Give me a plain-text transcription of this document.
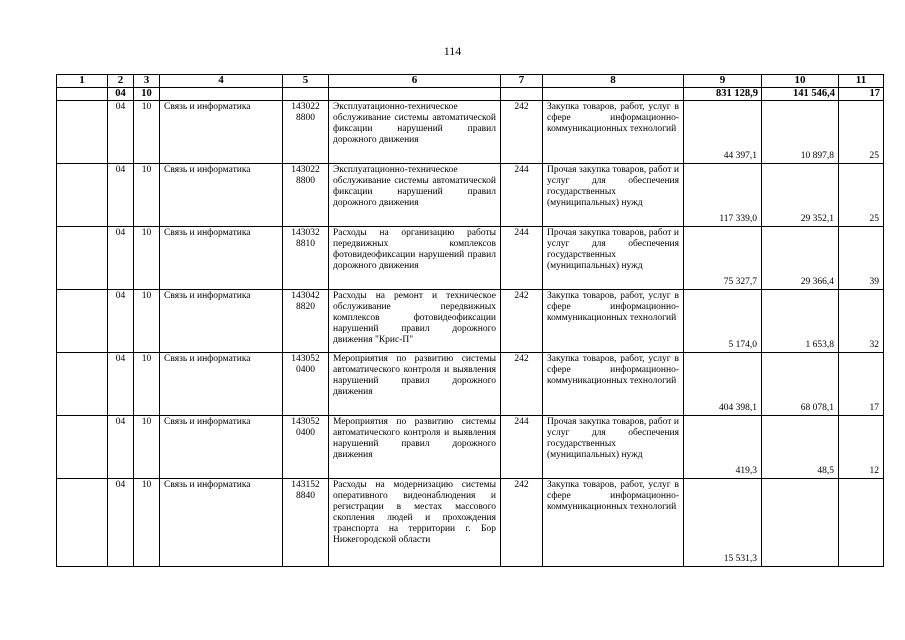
114
1	2	3	4	5	6	7	8	9	10	11
	04	10						831 128,9	141 546,4	17
	04	10	Связь и информатика	143022 8800	Эксплуатационно-техническое обслуживание системы автоматической фиксации нарушений правил дорожного движения	242	Закупка товаров, работ, услуг в сфере информационно-коммуникационных технологий	44 397,1	10 897,8	25
	04	10	Связь и информатика	143022 8800	Эксплуатационно-техническое обслуживание системы автоматической фиксации нарушений правил дорожного движения	244	Прочая закупка товаров, работ и услуг для обеспечения государственных (муниципальных) нужд	117 339,0	29 352,1	25
	04	10	Связь и информатика	143032 8810	Расходы на организацию работы передвижных комплексов фотовидеофиксации нарушений правил дорожного движения	244	Прочая закупка товаров, работ и услуг для обеспечения государственных (муниципальных) нужд	75 327,7	29 366,4	39
	04	10	Связь и информатика	143042 8820	Расходы на ремонт и техническое обслуживание передвижных комплексов фотовидеофиксации нарушений правил дорожного движения "Крис-П"	242	Закупка товаров, работ, услуг в сфере информационно-коммуникационных технологий	5 174,0	1 653,8	32
	04	10	Связь и информатика	143052 0400	Мероприятия по развитию системы автоматического контроля и выявления нарушений правил дорожного движения	242	Закупка товаров, работ, услуг в сфере информационно-коммуникационных технологий	404 398,1	68 078,1	17
	04	10	Связь и информатика	143052 0400	Мероприятия по развитию системы автоматического контроля и выявления нарушений правил дорожного движения	244	Прочая закупка товаров, работ и услуг для обеспечения государственных (муниципальных) нужд	419,3	48,5	12
	04	10	Связь и информатика	143152 8840	Расходы на модернизацию системы оперативного видеонаблюдения и регистрации в местах массового скопления людей и прохождения транспорта на территории г. Бор Нижегородской области	242	Закупка товаров, работ, услуг в сфере информационно-коммуникационных технологий	15 531,3		
